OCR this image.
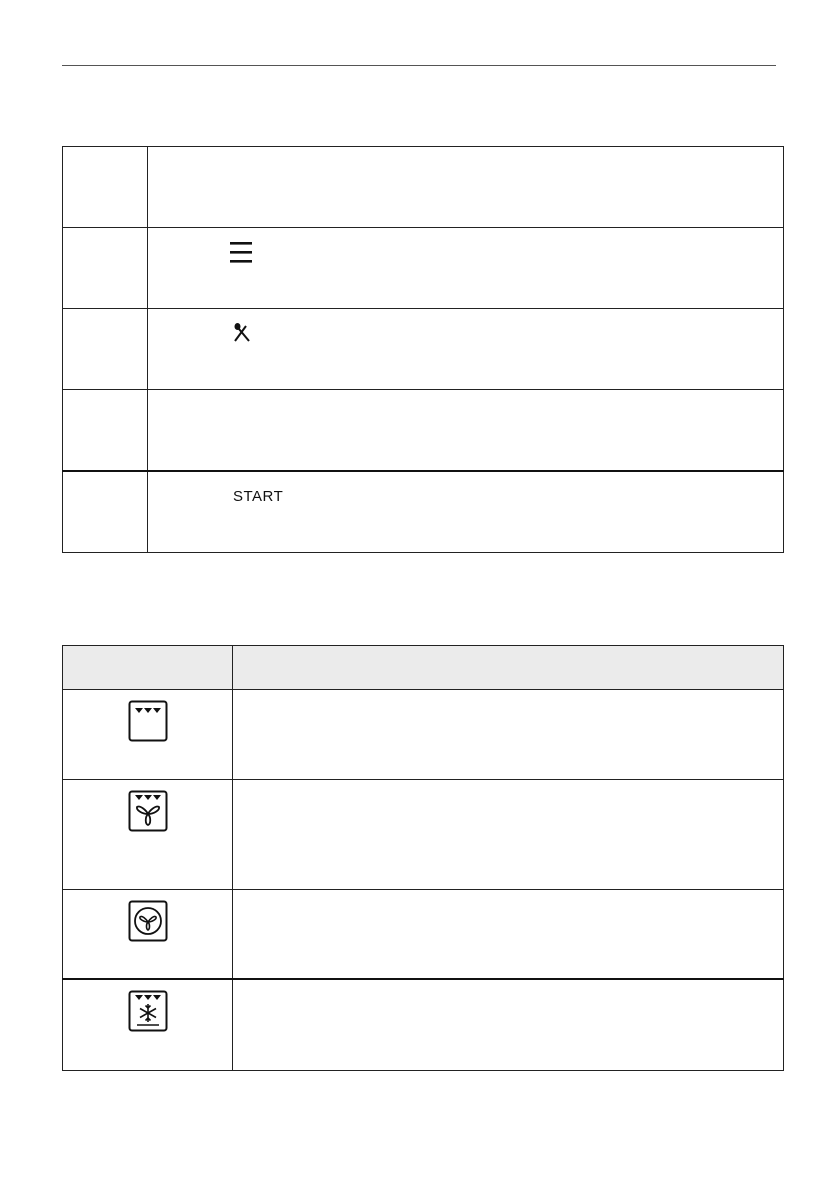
	START
